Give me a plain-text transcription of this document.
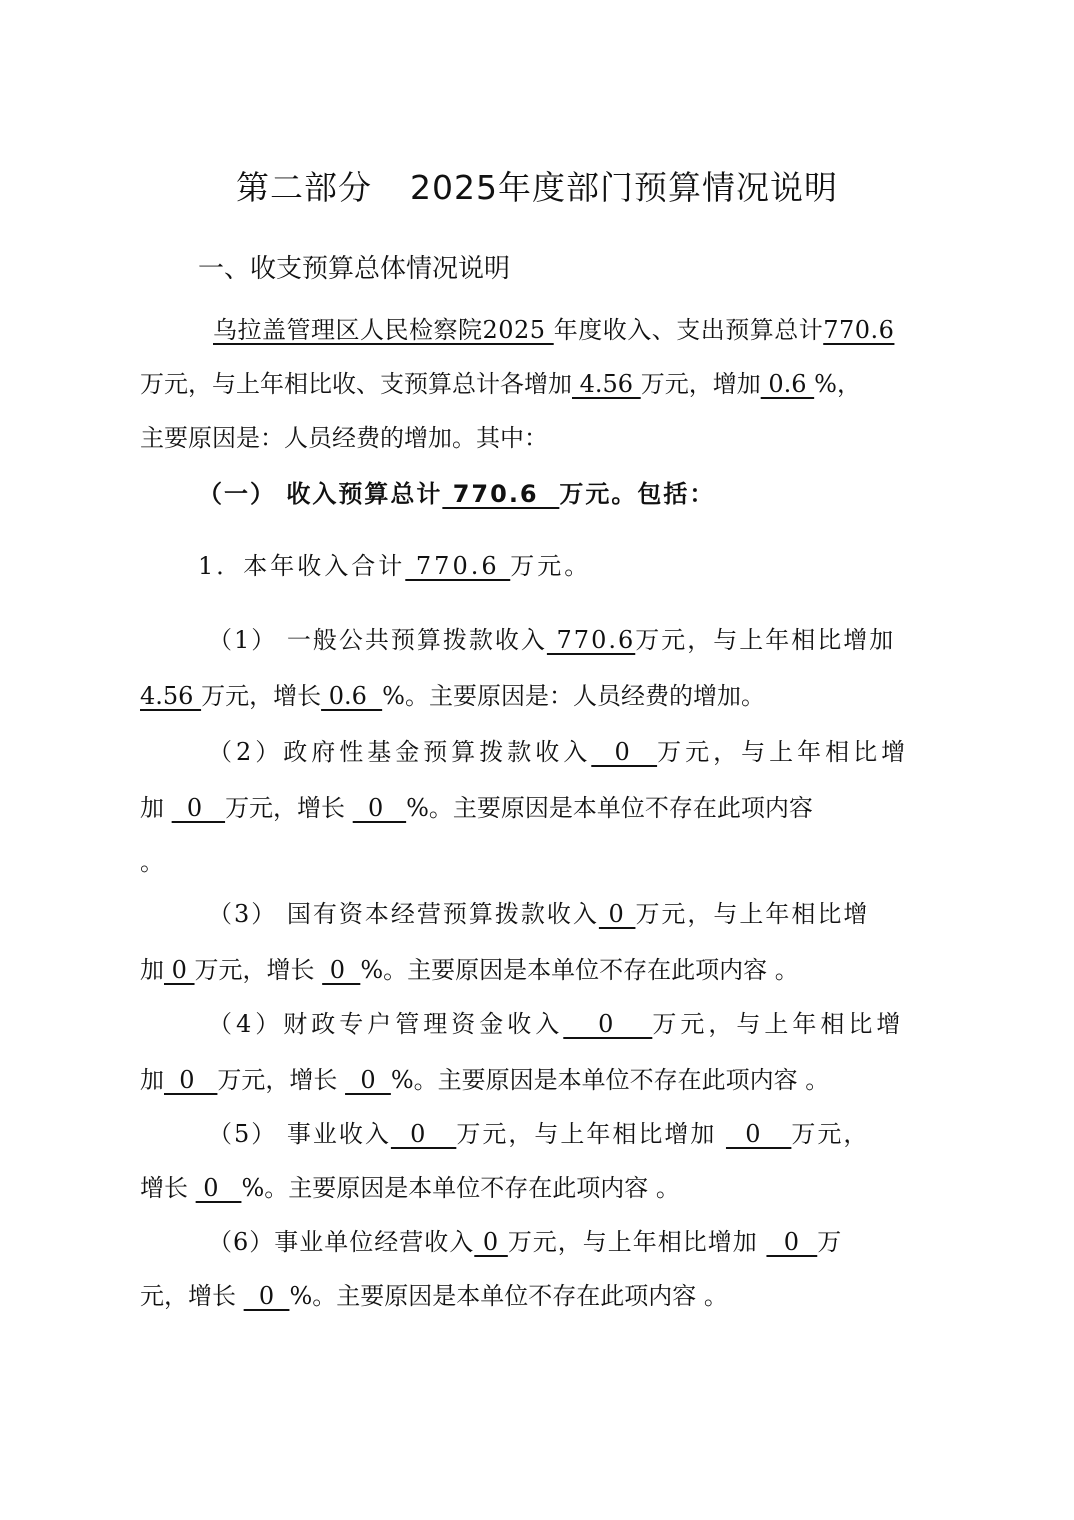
第二部分 2025年度部门预算情况说明
一、收支预算总体情况说明
乌拉盖管理区人民检察院2025 年度收入、支出预算总计770.6
万元，与上年相比收、支预算总计各增加 4.56 万元，增加 0.6 %，
主要原因是：人员经费的增加。其中：
（一） 收入预算总计 770.6  万元。包括：
1．本年收入合计 770.6 万元。
（1） 一般公共预算拨款收入 770.6万元，与上年相比增加
4.56 万元，增长 0.6  %。主要原因是：人员经费的增加。
（2）政府性基金预算拨款收入  0  万元，与上年相比增
加   0   万元，增长   0   %。主要原因是本单位不存在此项内容
。
（3） 国有资本经营预算拨款收入 0 万元，与上年相比增
加 0 万元，增长  0  %。主要原因是本单位不存在此项内容 。
（4）财政专户管理资金收入   0   万元，与上年相比增
加  0   万元，增长   0  %。主要原因是本单位不存在此项内容 。
（5） 事业收入  0   万元，与上年相比增加   0   万元，
增长  0   %。主要原因是本单位不存在此项内容 。
（6）事业单位经营收入 0 万元，与上年相比增加   0  万
元，增长   0  %。主要原因是本单位不存在此项内容 。
